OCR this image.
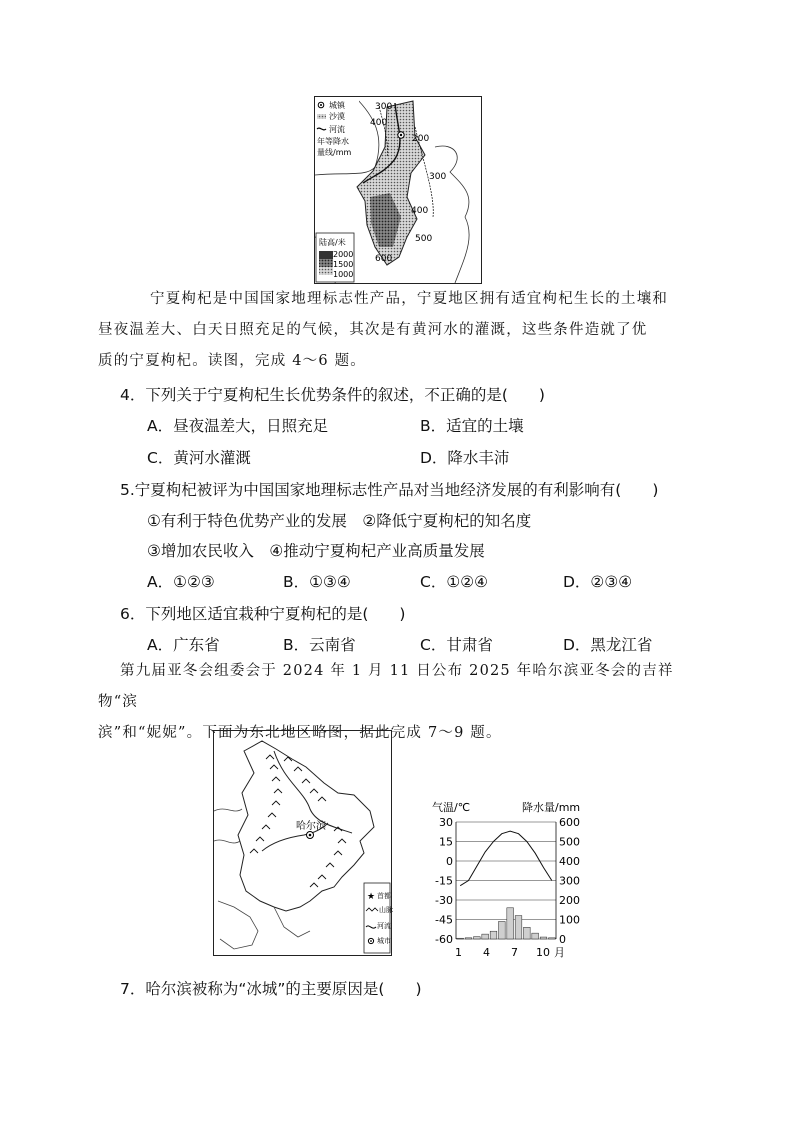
城镇
沙漠
河流
年等降水
量线/mm
300
400
200
300
400
500
600
陆高/米
2000
1500
1000
宁夏枸杞是中国国家地理标志性产品，宁夏地区拥有适宜枸杞生长的土壤和
昼夜温差大、白天日照充足的气候，其次是有黄河水的灌溉，这些条件造就了优
质的宁夏枸杞。读图，完成 4～6 题。
4．下列关于宁夏枸杞生长优势条件的叙述，不正确的是(　　)
A．昼夜温差大，日照充足	B．适宜的土壤
C．黄河水灌溉	D．降水丰沛
5.宁夏枸杞被评为中国国家地理标志性产品对当地经济发展的有利影响有(　　)
①有利于特色优势产业的发展　②降低宁夏枸杞的知名度
③增加农民收入　④推动宁夏枸杞产业高质量发展
A．①②③	B．①③④	C．①②④	D．②③④
6．下列地区适宜栽种宁夏枸杞的是(　　)
A．广东省	B．云南省	C．甘肃省	D．黑龙江省
第九届亚冬会组委会于 2024 年 1 月 11 日公布 2025 年哈尔滨亚冬会的吉祥物“滨
滨”和“妮妮”。下面为东北地区略图，据此完成 7～9 题。
哈尔滨
★ 首都
山脉
河流
城市
气温/℃	降水量/mm
30	600
15	500
0	400
-15	300
-30	200
-45	100
-60	0
1 4 7 10 月
7．哈尔滨被称为“冰城”的主要原因是(　　)
